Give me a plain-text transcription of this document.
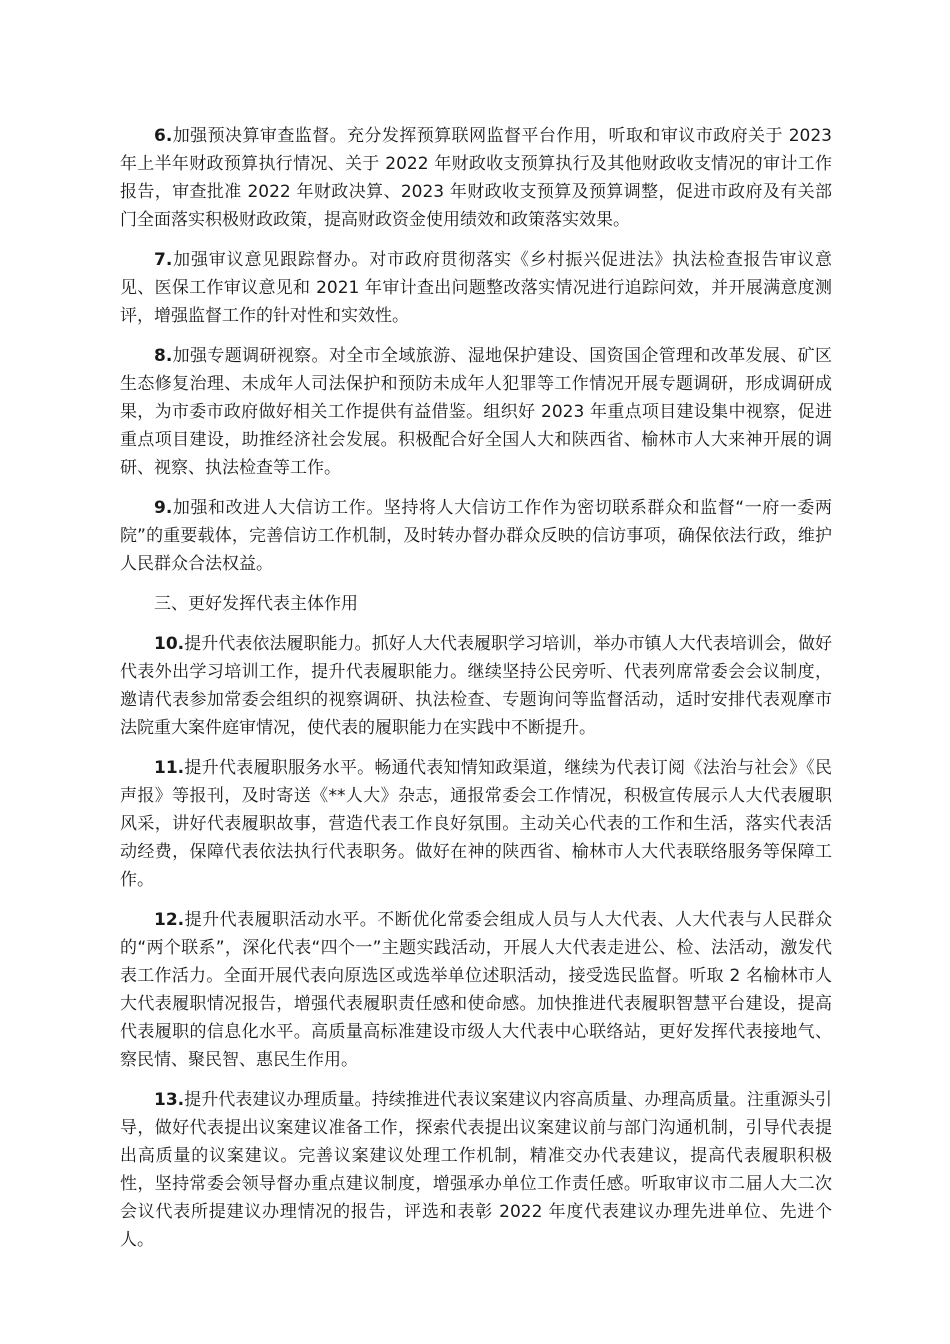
6.加强预决算审查监督。充分发挥预算联网监督平台作用，听取和审议市政府关于 2023 年上半年财政预算执行情况、关于 2022 年财政收支预算执行及其他财政收支情况的审计工作报告，审查批准 2022 年财政决算、2023 年财政收支预算及预算调整，促进市政府及有关部门全面落实积极财政政策，提高财政资金使用绩效和政策落实效果。

7.加强审议意见跟踪督办。对市政府贯彻落实《乡村振兴促进法》执法检查报告审议意见、医保工作审议意见和 2021 年审计查出问题整改落实情况进行追踪问效，并开展满意度测评，增强监督工作的针对性和实效性。

8.加强专题调研视察。对全市全域旅游、湿地保护建设、国资国企管理和改革发展、矿区生态修复治理、未成年人司法保护和预防未成年人犯罪等工作情况开展专题调研，形成调研成果，为市委市政府做好相关工作提供有益借鉴。组织好 2023 年重点项目建设集中视察，促进重点项目建设，助推经济社会发展。积极配合好全国人大和陕西省、榆林市人大来神开展的调研、视察、执法检查等工作。

9.加强和改进人大信访工作。坚持将人大信访工作作为密切联系群众和监督“一府一委两院”的重要载体，完善信访工作机制，及时转办督办群众反映的信访事项，确保依法行政，维护人民群众合法权益。

三、更好发挥代表主体作用

10.提升代表依法履职能力。抓好人大代表履职学习培训，举办市镇人大代表培训会，做好代表外出学习培训工作，提升代表履职能力。继续坚持公民旁听、代表列席常委会会议制度，邀请代表参加常委会组织的视察调研、执法检查、专题询问等监督活动，适时安排代表观摩市法院重大案件庭审情况，使代表的履职能力在实践中不断提升。

11.提升代表履职服务水平。畅通代表知情知政渠道，继续为代表订阅《法治与社会》《民声报》等报刊，及时寄送《**人大》杂志，通报常委会工作情况，积极宣传展示人大代表履职风采，讲好代表履职故事，营造代表工作良好氛围。主动关心代表的工作和生活，落实代表活动经费，保障代表依法执行代表职务。做好在神的陕西省、榆林市人大代表联络服务等保障工作。

12.提升代表履职活动水平。不断优化常委会组成人员与人大代表、人大代表与人民群众的“两个联系”，深化代表“四个一”主题实践活动，开展人大代表走进公、检、法活动，激发代表工作活力。全面开展代表向原选区或选举单位述职活动，接受选民监督。听取 2 名榆林市人大代表履职情况报告，增强代表履职责任感和使命感。加快推进代表履职智慧平台建设，提高代表履职的信息化水平。高质量高标准建设市级人大代表中心联络站，更好发挥代表接地气、察民情、聚民智、惠民生作用。

13.提升代表建议办理质量。持续推进代表议案建议内容高质量、办理高质量。注重源头引导，做好代表提出议案建议准备工作，探索代表提出议案建议前与部门沟通机制，引导代表提出高质量的议案建议。完善议案建议处理工作机制，精准交办代表建议，提高代表履职积极性，坚持常委会领导督办重点建议制度，增强承办单位工作责任感。听取审议市二届人大二次会议代表所提建议办理情况的报告，评选和表彰 2022 年度代表建议办理先进单位、先进个人。
